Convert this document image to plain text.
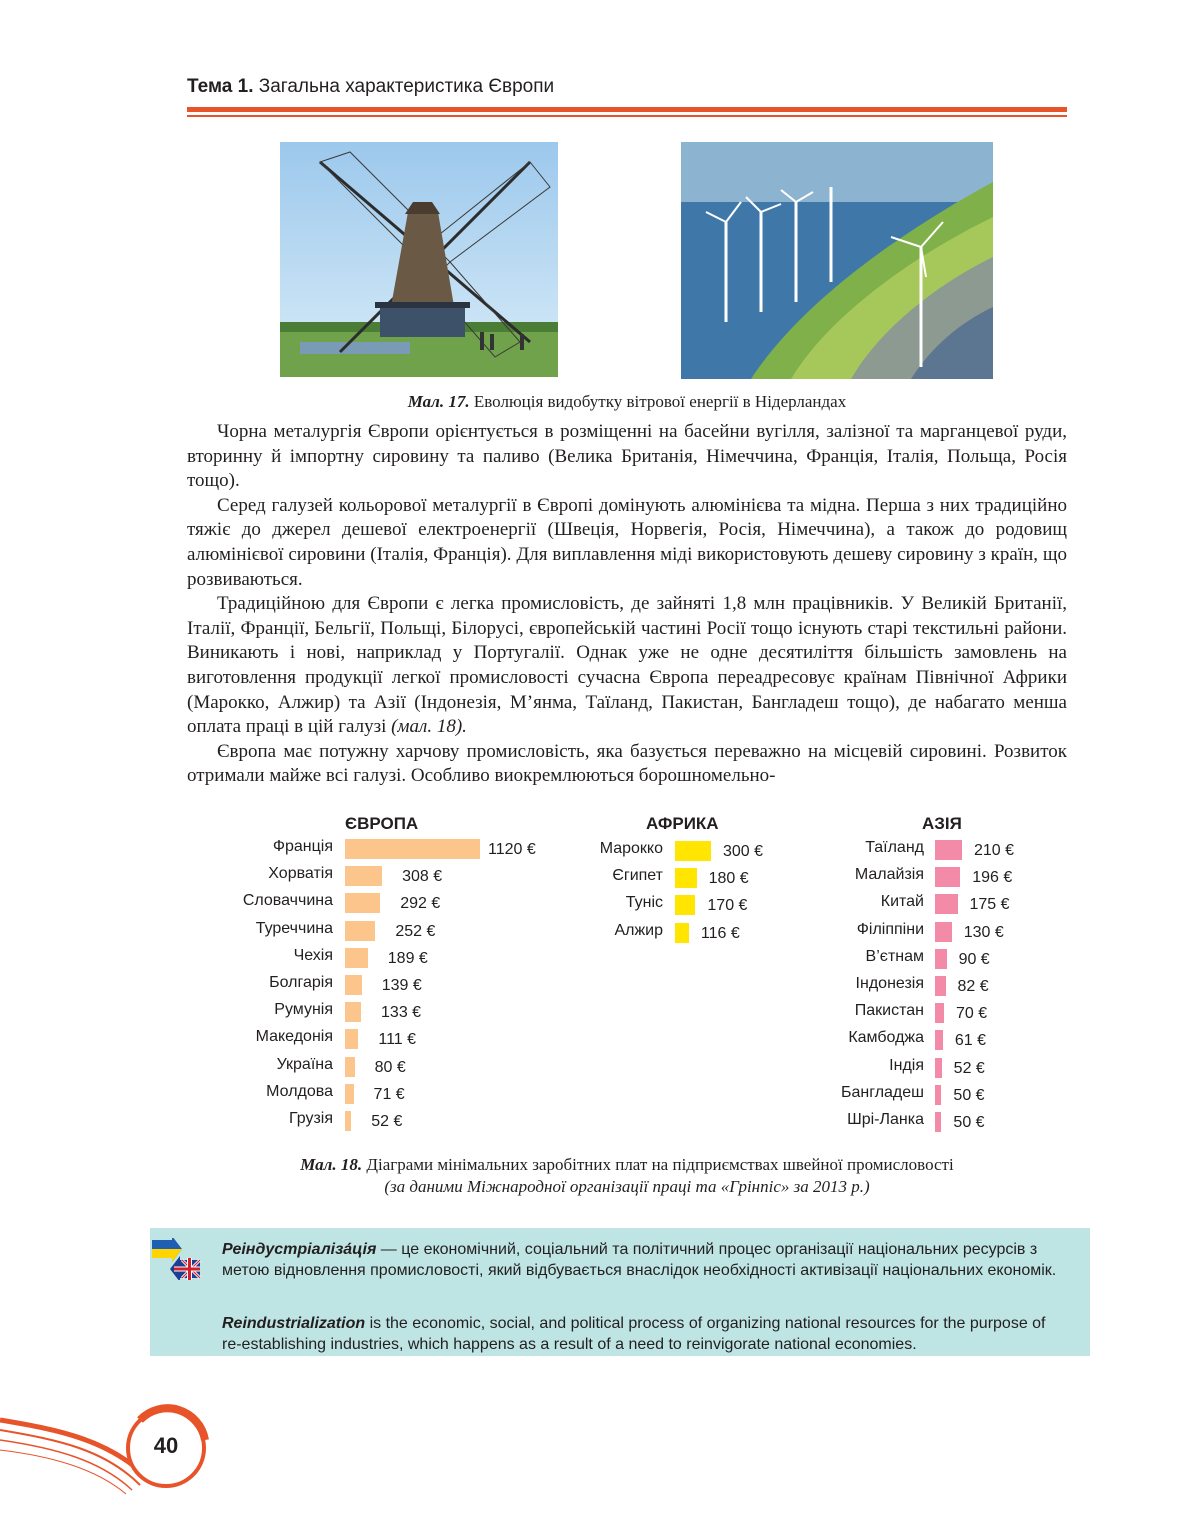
Тема 1. Загальна характеристика Європи
Мал. 17. Еволюція видобутку вітрової енергії в Нідерландах

Чорна металургія Європи орієнтується в розміщенні на басейни вугілля, залізної та марганцевої руди, вторинну й імпортну сировину та паливо (Велика Британія, Німеччина, Франція, Італія, Польща, Росія тощо).

Серед галузей кольорової металургії в Європі домінують алюмінієва та мідна. Перша з них традиційно тяжіє до джерел дешевої електроенергії (Швеція, Норвегія, Росія, Німеччина), а також до родовищ алюмінієвої сировини (Італія, Франція). Для виплавлення міді використовують дешеву сировину з країн, що розвиваються.

Традиційною для Європи є легка промисловість, де зайняті 1,8 млн працівників. У Великій Британії, Італії, Франції, Бельгії, Польщі, Білорусі, європейській частині Росії тощо існують старі текстильні райони. Виникають і нові, наприклад у Португалії. Однак уже не одне десятиліття більшість замовлень на виготовлення продукції легкої промисловості сучасна Європа переадресовує країнам Північної Африки (Марокко, Алжир) та Азії (Індонезія, М’янма, Таїланд, Пакистан, Бангладеш тощо), де набагато менша оплата праці в цій галузі (мал. 18).

Європа має потужну харчову промисловість, яка базується переважно на місцевій сировині. Розвиток отримали майже всі галузі. Особливо виокремлюються борошномельно-

ЄВРОПА
Франція	1120 €
Хорватія	308 €
Словаччина	292 €
Туреччина	252 €
Чехія	189 €
Болгарія	139 €
Румунія	133 €
Македонія	111 €
Україна	80 €
Молдова	71 €
Грузія 52 €
АФРИКА
Марокко	300 €
Єгипет	180 €
Туніс	170 €
Алжир 116 €
АЗІЯ
Таїланд	210 €
Малайзія	196 €
Китай	175 €
Філіппіни 130 €
В’єтнам 90 €
Індонезія 82 €
Пакистан 70 €
Камбоджа 61 €
Індія 52 €
Бангладеш 50 €
Шрі-Ланка 50 €
Мал. 18. Діаграми мінімальних заробітних плат на підприємствах швейної промисловості
(за даними Міжнародної організації праці та «Грінпіс» за 2013 р.)
Реіндустріаліза́ція — це економічний, соціальний та політичний процес організації національних ресурсів з метою відновлення промисловості, який відбувається внаслідок необхідності активізації національних економік.
Reindustrialization is the economic, social, and political process of organizing national resources for the purpose of re-establishing industries, which happens as a result of a need to reinvigorate national economies.
40
